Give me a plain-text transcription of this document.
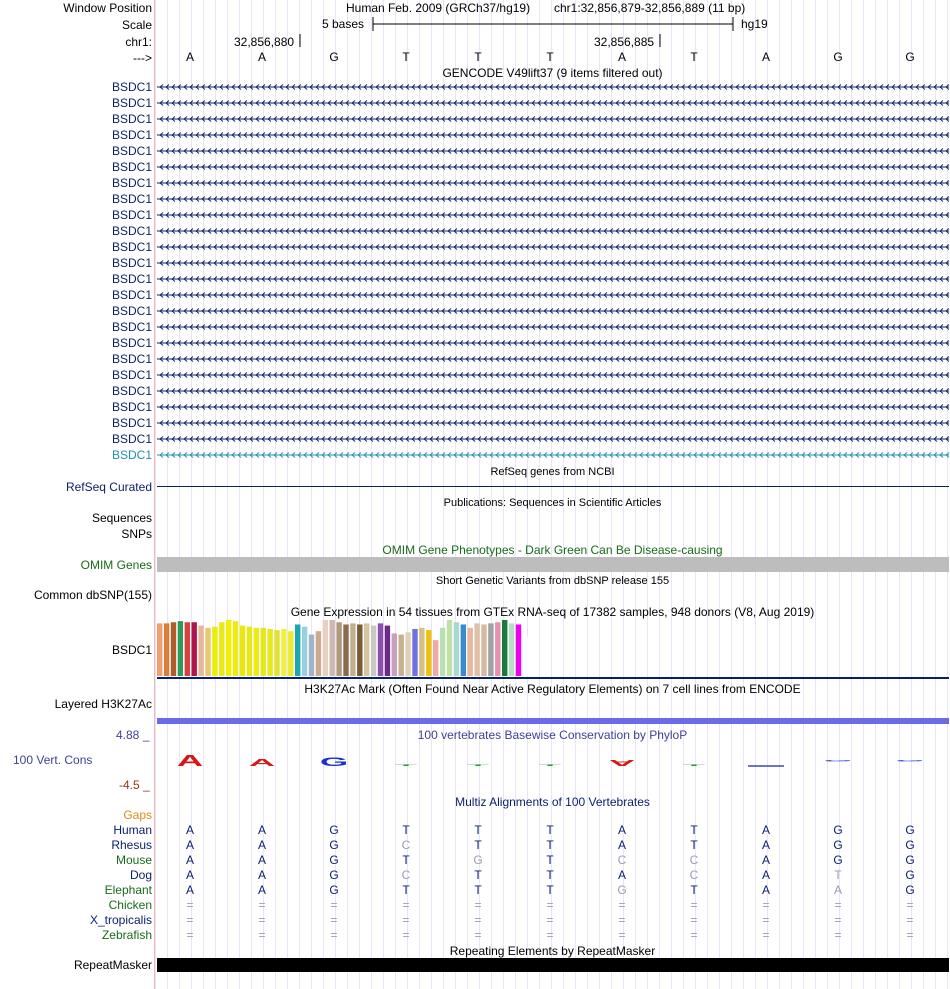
Window Position
Scale
chr1:
--->
Human Feb. 2009 (GRCh37/hg19) chr1:32,856,879-32,856,889 (11 bp)
5 bases	hg19
32,856,880	32,856,885
A	A	G	T	T	T	A	T	A	G	G
GENCODE V49lift37 (9 items filtered out)
BSDC1
BSDC1
BSDC1
BSDC1
BSDC1
BSDC1
BSDC1
BSDC1
BSDC1
BSDC1
BSDC1
BSDC1
BSDC1
BSDC1
BSDC1
BSDC1
BSDC1
BSDC1
BSDC1
BSDC1
BSDC1
BSDC1
BSDC1
BSDC1
RefSeq genes from NCBI
RefSeq Curated
Publications: Sequences in Scientific Articles
Sequences
SNPs
OMIM Gene Phenotypes - Dark Green Can Be Disease-causing
OMIM Genes
Short Genetic Variants from dbSNP release 155
Common dbSNP(155)
Gene Expression in 54 tissues from GTEx RNA-seq of 17382 samples, 948 donors (V8, Aug 2019)
BSDC1
H3K27Ac Mark (Often Found Near Active Regulatory Elements) on 7 cell lines from ENCODE
Layered H3K27Ac
100 vertebrates Basewise Conservation by PhyloP
4.88 _
100 Vert. Cons
-4.5 _
A	A	G	T	T	T	A	T
G	G
Multiz Alignments of 100 Vertebrates
Gaps
Human	A	A	G	T	T	T	A	T	A	G	G
Rhesus	A	A	G	C	T	T	A	T	A	G	G
Mouse	A	A	G	T	G	T	C	C	A	G	G
Dog	A	A	G	C	T	T	A	C	A	T	G
Elephant	A	A	G	T	T	T	G	T	A	A	G
Chicken	=	=	=	=	=	=	=	=	=	=	=
X_tropicalis	=	=	=	=	=	=	=	=	=	=	=
Zebrafish	=	=	=	=	=	=	=	=	=	=	=
Repeating Elements by RepeatMasker
RepeatMasker
